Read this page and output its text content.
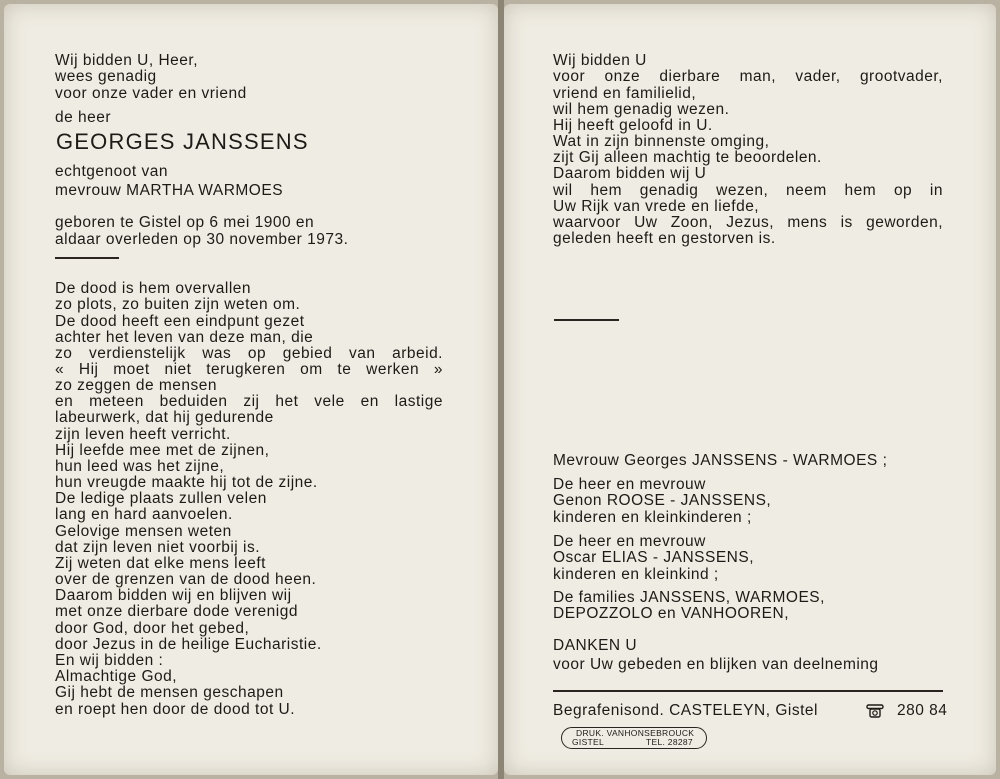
Wij bidden U, Heer,
wees genadig
voor onze vader en vriend
de heer
GEORGES JANSSENS
echtgenoot van
mevrouw MARTHA WARMOES
geboren te Gistel op 6 mei 1900 en
aldaar overleden op 30 november 1973.
De dood is hem overvallen
zo plots, zo buiten zijn weten om.
De dood heeft een eindpunt gezet
achter het leven van deze man, die
zo verdienstelijk was op gebied van arbeid.
« Hij moet niet terugkeren om te werken »
zo zeggen de mensen
en meteen beduiden zij het vele en lastige
labeurwerk, dat hij gedurende
zijn leven heeft verricht.
Hij leefde mee met de zijnen,
hun leed was het zijne,
hun vreugde maakte hij tot de zijne.
De ledige plaats zullen velen
lang en hard aanvoelen.
Gelovige mensen weten
dat zijn leven niet voorbij is.
Zij weten dat elke mens leeft
over de grenzen van de dood heen.
Daarom bidden wij en blijven wij
met onze dierbare dode verenigd
door God, door het gebed,
door Jezus in de heilige Eucharistie.
En wij bidden :
Almachtige God,
Gij hebt de mensen geschapen
en roept hen door de dood tot U.
Wij bidden U
voor onze dierbare man, vader, grootvader,
vriend en familielid,
wil hem genadig wezen.
Hij heeft geloofd in U.
Wat in zijn binnenste omging,
zijt Gij alleen machtig te beoordelen.
Daarom bidden wij U
wil hem genadig wezen, neem hem op in
Uw Rijk van vrede en liefde,
waarvoor Uw Zoon, Jezus, mens is geworden,
geleden heeft en gestorven is.
Mevrouw Georges JANSSENS - WARMOES ;
De heer en mevrouw
Genon ROOSE - JANSSENS,
kinderen en kleinkinderen ;
De heer en mevrouw
Oscar ELIAS - JANSSENS,
kinderen en kleinkind ;
De families JANSSENS, WARMOES,
DEPOZZOLO en VANHOOREN,
DANKEN U
voor Uw gebeden en blijken van deelneming
Begrafenisond. CASTELEYN, Gistel	280 84
DRUK. VANHONSEBROUCK
GISTEL	TEL. 28287
